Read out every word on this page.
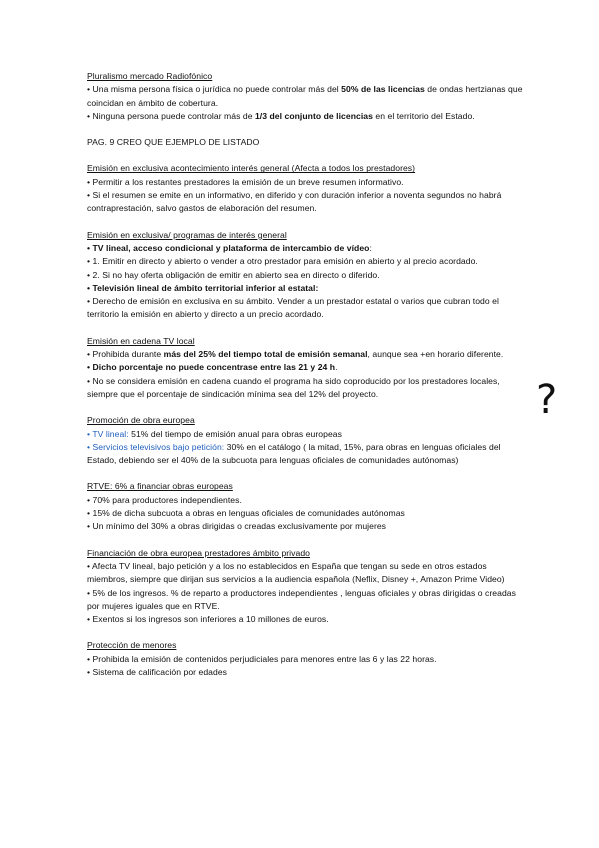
Pluralismo mercado Radiofónico
• Una misma persona física o jurídica no puede controlar más del 50% de las licencias de ondas hertzianas que coincidan en ámbito de cobertura.
• Ninguna persona puede controlar más de 1/3 del conjunto de licencias en el territorio del Estado.
PAG. 9 CREO QUE EJEMPLO DE LISTADO
Emisión en exclusiva acontecimiento interés general (Afecta a todos los prestadores)
• Permitir a los restantes prestadores la emisión de un breve resumen informativo.
• Si el resumen se emite en un informativo, en diferido y con duración inferior a noventa segundos no habrá contraprestación, salvo gastos de elaboración del resumen.
Emisión en exclusiva/ programas de interés general
• TV lineal, acceso condicional y plataforma de intercambio de vídeo:
• 1. Emitir en directo y abierto o vender a otro prestador para emisión en abierto y al precio acordado.
• 2. Si no hay oferta obligación de emitir en abierto sea en directo o diferido.
• Televisión lineal de ámbito territorial inferior al estatal:
• Derecho de emisión en exclusiva en su ámbito. Vender a un prestador estatal o varios que cubran todo el territorio la emisión en abierto y directo a un precio acordado.
Emisión en cadena TV local
• Prohibida durante más del 25% del tiempo total de emisión semanal, aunque sea +en horario diferente.
• Dicho porcentaje no puede concentrase entre las 21 y 24 h.
• No se considera emisión en cadena cuando el programa ha sido coproducido por los prestadores locales, siempre que el porcentaje de sindicación mínima sea del 12% del proyecto.
Promoción de obra europea
• TV lineal: 51% del tiempo de emisión anual para obras europeas
• Servicios televisivos bajo petición: 30% en el catálogo ( la mitad, 15%, para obras en lenguas oficiales del Estado, debiendo ser el 40% de la subcuota para lenguas oficiales de comunidades autónomas)
RTVE: 6% a financiar obras europeas
• 70% para productores independientes.
• 15% de dicha subcuota a obras en lenguas oficiales de comunidades autónomas
• Un mínimo del 30% a obras dirigidas o creadas exclusivamente por mujeres
Financiación de obra europea prestadores ámbito privado
• Afecta TV lineal, bajo petición y a los no establecidos en España que tengan su sede en otros estados miembros, siempre que dirijan sus servicios a la audiencia española (Neflix, Disney +, Amazon Prime Video)
• 5% de los ingresos. % de reparto a productores independientes , lenguas oficiales y obras dirigidas o creadas por mujeres iguales que en RTVE.
• Exentos si los ingresos son inferiores a 10 millones de euros.
Protección de menores
• Prohibida la emisión de contenidos perjudiciales para menores entre las 6 y las 22 horas.
• Sistema de calificación por edades
?
